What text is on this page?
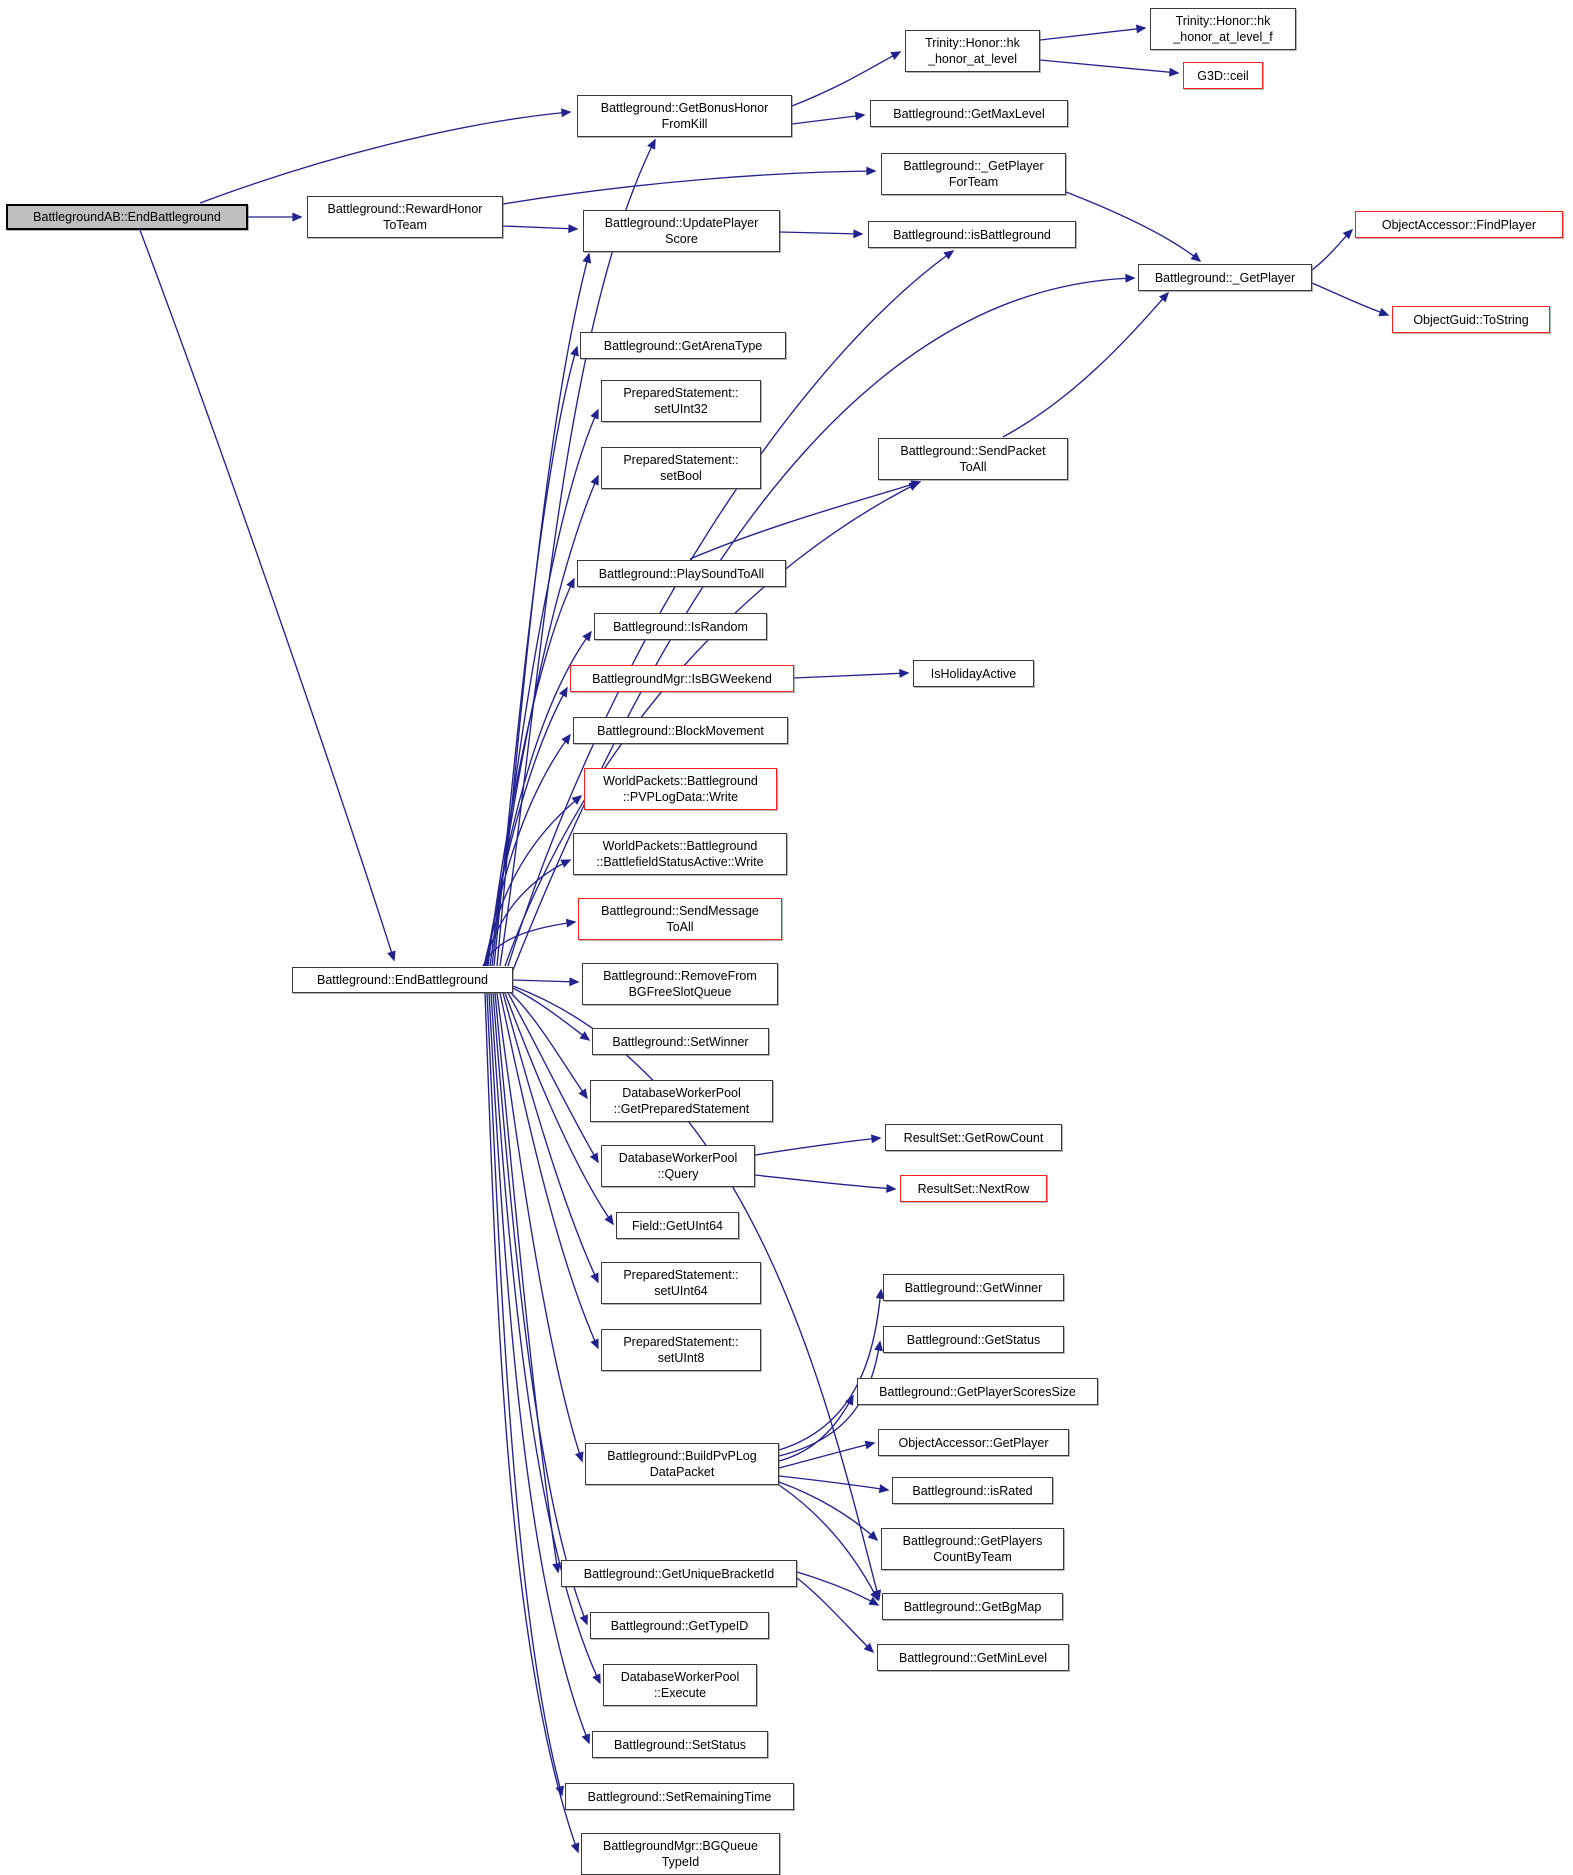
BattlegroundAB::EndBattleground
Battleground::RewardHonor
ToTeam
Battleground::GetBonusHonor
FromKill
Battleground::UpdatePlayer
Score
Battleground::GetArenaType
PreparedStatement::
setUInt32
PreparedStatement::
setBool
Battleground::PlaySoundToAll
Battleground::IsRandom
BattlegroundMgr::IsBGWeekend
Battleground::BlockMovement
WorldPackets::Battleground
::PVPLogData::Write
WorldPackets::Battleground
::BattlefieldStatusActive::Write
Battleground::SendMessage
ToAll
Battleground::RemoveFrom
BGFreeSlotQueue
Battleground::SetWinner
DatabaseWorkerPool
::GetPreparedStatement
DatabaseWorkerPool
::Query
Field::GetUInt64
PreparedStatement::
setUInt64
PreparedStatement::
setUInt8
Battleground::BuildPvPLog
DataPacket
Battleground::GetUniqueBracketId
Battleground::GetTypeID
DatabaseWorkerPool
::Execute
Battleground::SetStatus
Battleground::SetRemainingTime
BattlegroundMgr::BGQueue
TypeId
Battleground::EndBattleground
Trinity::Honor::hk
_honor_at_level
Trinity::Honor::hk
_honor_at_level_f
G3D::ceil
Battleground::GetMaxLevel
Battleground::_GetPlayer
ForTeam
Battleground::isBattleground
Battleground::_GetPlayer
ObjectAccessor::FindPlayer
ObjectGuid::ToString
Battleground::SendPacket
ToAll
IsHolidayActive
ResultSet::GetRowCount
ResultSet::NextRow
Battleground::GetWinner
Battleground::GetStatus
Battleground::GetPlayerScoresSize
ObjectAccessor::GetPlayer
Battleground::isRated
Battleground::GetPlayers
CountByTeam
Battleground::GetBgMap
Battleground::GetMinLevel
